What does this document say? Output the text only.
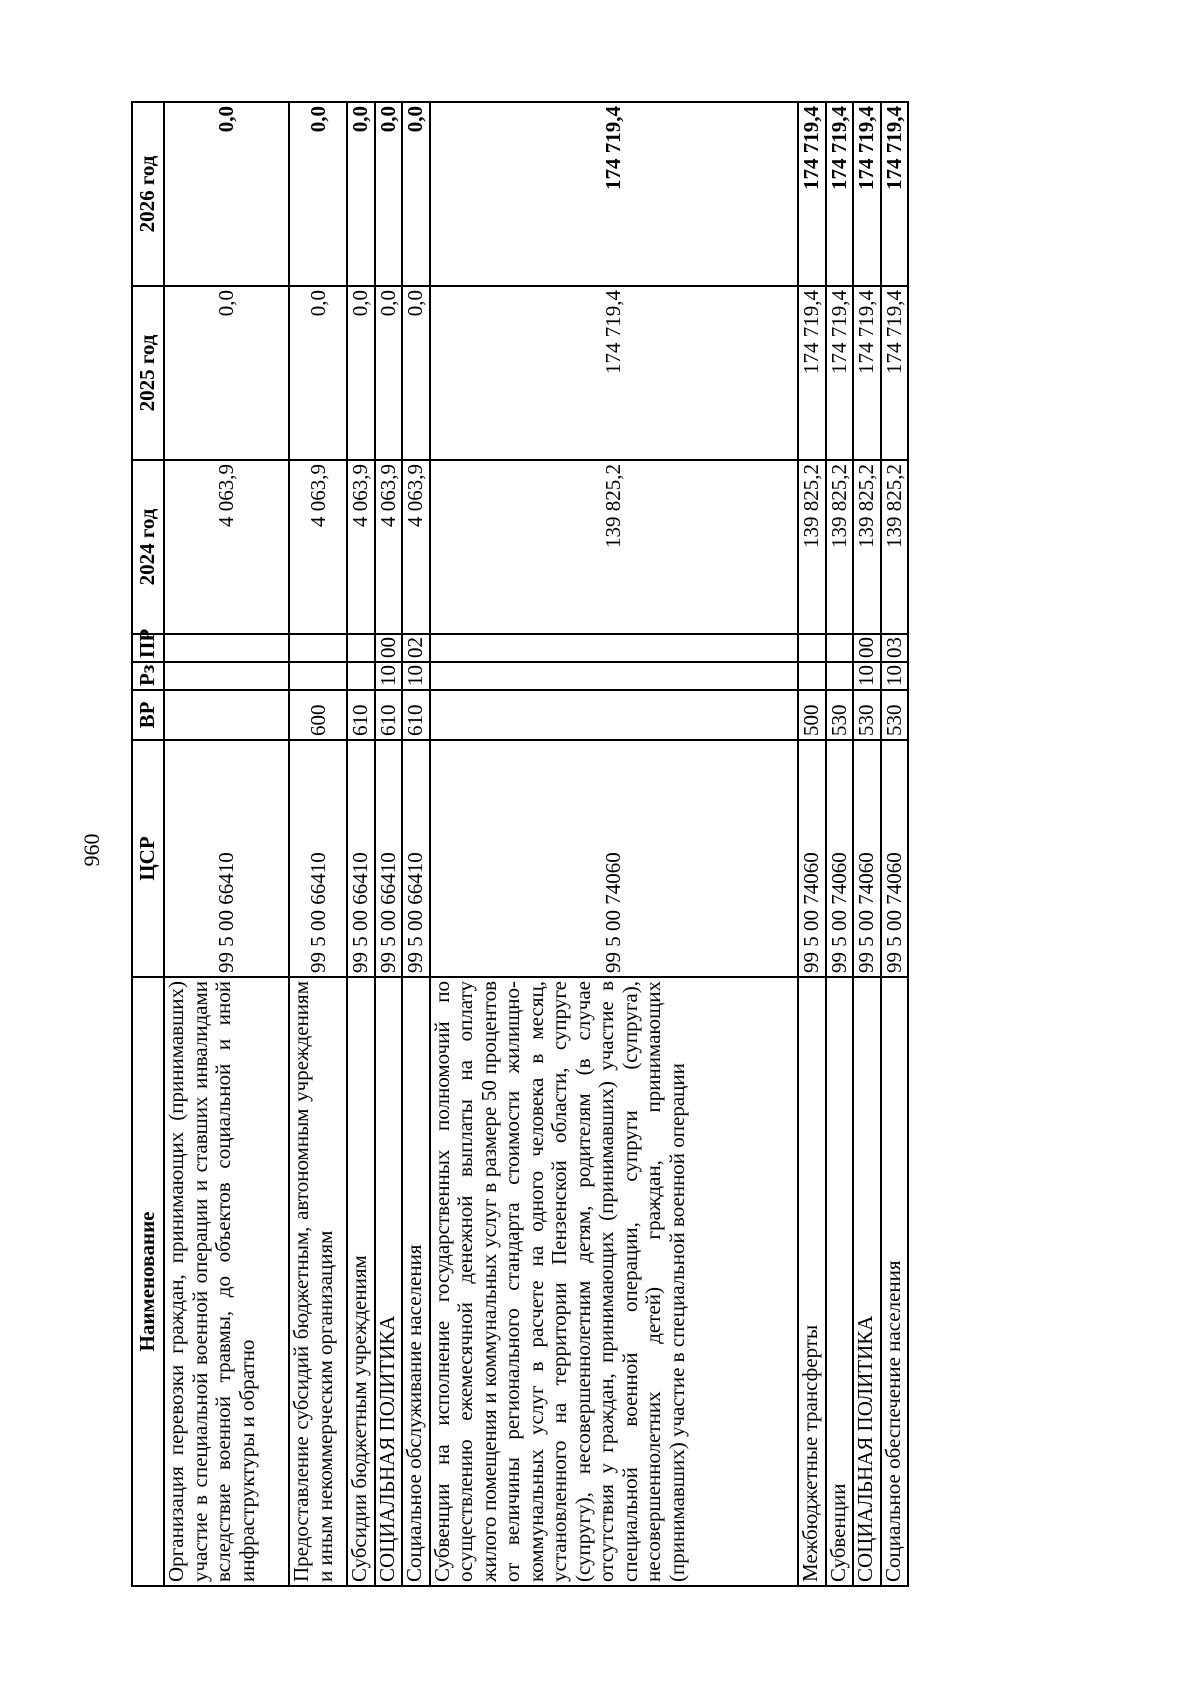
960
Наименование	ЦСР	ВР	Рз	ПР	2024 год	2025 год	2026 год
Организация перевозки граждан, принимающих (принимавших) участие в специальной военной операции и ставших инвалидами вследствие военной травмы, до объектов социальной и иной инфраструктуры и обратно	99 5 00 66410				4 063,9	0,0	0,0
Предоставление субсидий бюджетным, автономным учреждениям и иным некоммерческим организациям	99 5 00 66410	600			4 063,9	0,0	0,0
Субсидии бюджетным учреждениям	99 5 00 66410	610			4 063,9	0,0	0,0
СОЦИАЛЬНАЯ ПОЛИТИКА	99 5 00 66410	610	10	00	4 063,9	0,0	0,0
Социальное обслуживание населения	99 5 00 66410	610	10	02	4 063,9	0,0	0,0
Субвенции на исполнение государственных полномочий по осуществлению ежемесячной денежной выплаты на оплату жилого помещения и коммунальных услуг в размере 50 процентов от величины регионального стандарта стоимости жилищно-коммунальных услуг в расчете на одного человека в месяц, установленного на территории Пензенской области, супруге (супругу), несовершеннолетним детям, родителям (в случае отсутствия у граждан, принимающих (принимавших) участие в специальной военной операции, супруги (супруга), несовершеннолетних детей) граждан, принимающих (принимавших) участие в специальной военной операции	99 5 00 74060				139 825,2	174 719,4	174 719,4
Межбюджетные трансферты	99 5 00 74060	500			139 825,2	174 719,4	174 719,4
Субвенции	99 5 00 74060	530			139 825,2	174 719,4	174 719,4
СОЦИАЛЬНАЯ ПОЛИТИКА	99 5 00 74060	530	10	00	139 825,2	174 719,4	174 719,4
Социальное обеспечение населения	99 5 00 74060	530	10	03	139 825,2	174 719,4	174 719,4
